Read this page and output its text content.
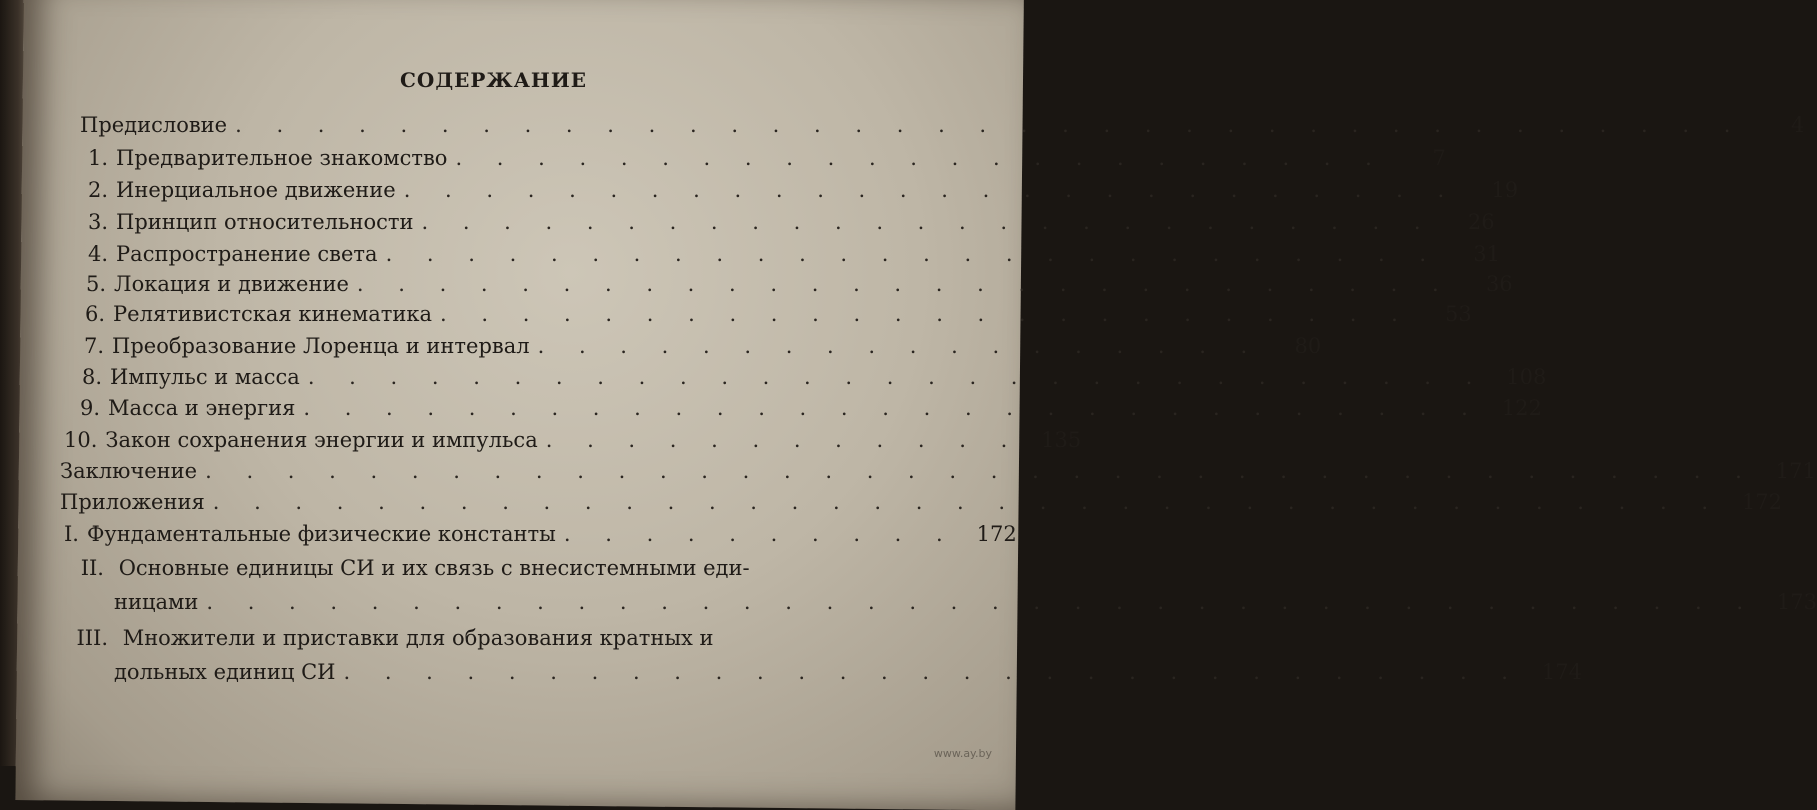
СОДЕРЖАНИЕ
Предисловие . . . . . . . . . . . . . . . . . . . . . . . . . . . . . . . . . . . . .	4
1. Предварительное знакомство . . . . . . . . . . . . . . . . . . . . . . .	7
2. Инерциальное движение . . . . . . . . . . . . . . . . . . . . . . . . . .	19
3. Принцип относительности . . . . . . . . . . . . . . . . . . . . . . . . .	26
4. Распространение света . . . . . . . . . . . . . . . . . . . . . . . . . .	31
5. Локация и движение . . . . . . . . . . . . . . . . . . . . . . . . . . .	36
6. Релятивистская кинематика . . . . . . . . . . . . . . . . . . . . . . . .	53
7. Преобразование Лоренца и интервал . . . . . . . . . . . . . . . . . .	80
8. Импульс и масса . . . . . . . . . . . . . . . . . . . . . . . . . . . . . 108
9. Масса и энергия . . . . . . . . . . . . . . . . . . . . . . . . . . . . . 122
10. Закон сохранения энергии и импульса . . . . . . . . . . . . 135
Заключение . . . . . . . . . . . . . . . . . . . . . . . . . . . . . . . . . . . . . . 171
Приложения . . . . . . . . . . . . . . . . . . . . . . . . . . . . . . . . . . . . . 172
I. Фундаментальные физические константы . . . . . . . . . . 172
II. Основные единицы СИ и их связь с внесистемными еди-
ницами . . . . . . . . . . . . . . . . . . . . . . . . . . . . . . . . . . . . . . 173
III. Множители и приставки для образования кратных и
дольных единиц СИ . . . . . . . . . . . . . . . . . . . . . . . . . . . . . 174
www.ay.by
